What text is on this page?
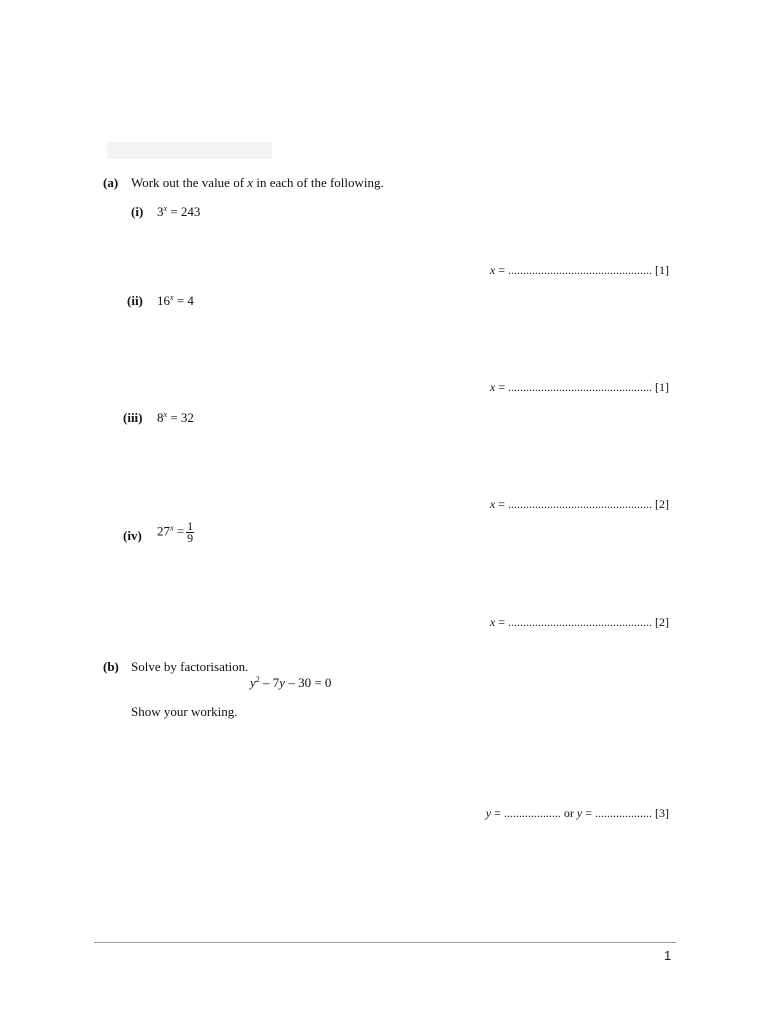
(a) Work out the value of x in each of the following.
(i) $3^x = 243$
x = ................................................ [1]
(ii) $16^x = 4$
x = ................................................ [1]
(iii) $8^x = 32$
x = ................................................ [2]
(iv) $27^x = \frac{1}{9}$
x = ................................................ [2]
(b) Solve by factorisation.
$y^2 - 7y - 30 = 0$
Show your working.
y = ................... or y = ................... [3]
1
